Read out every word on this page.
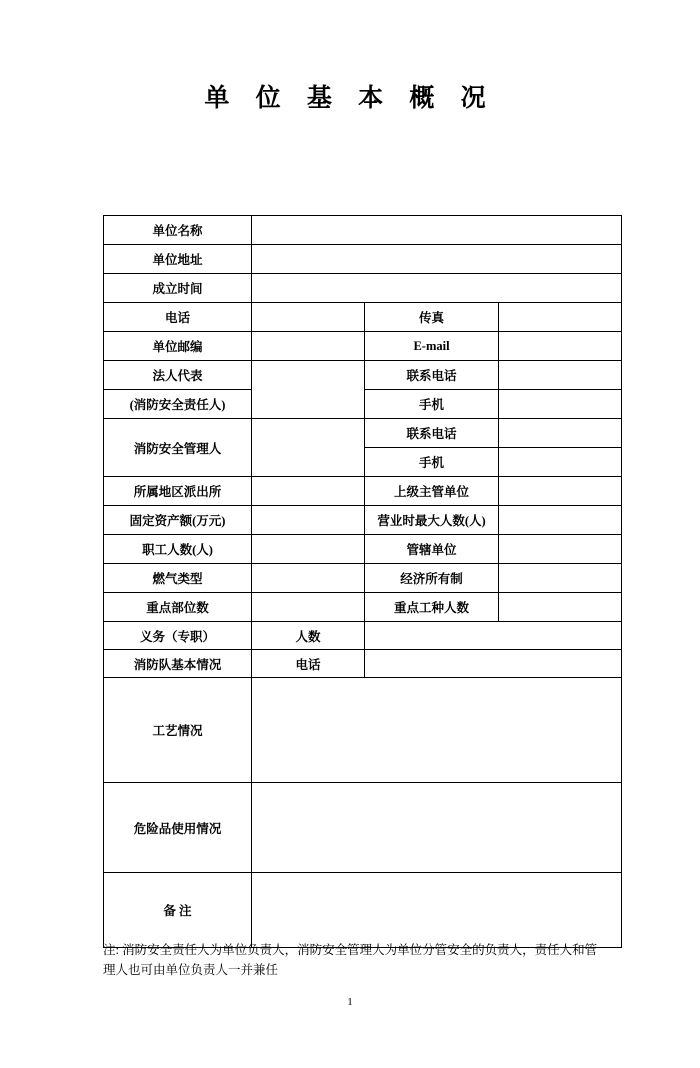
单 位 基 本 概 况
单位名称			
单位地址			
成立时间			
电话		传真	
单位邮编		E-mail	
法人代表		联系电话	
(消防安全责任人)		手机	
消防安全管理人		联系电话	
		手机	
所属地区派出所		上级主管单位	
固定资产额(万元)		营业时最大人数(人)	
职工人数(人)		管辖单位	
燃气类型		经济所有制	
重点部位数		重点工种人数	
义务（专职）	人数		
消防队基本情况	电话		
工艺情况			
危险品使用情况			
备 注			
注: 消防安全责任人为单位负责人，消防安全管理人为单位分管安全的负责人，责任人和管
理人也可由单位负责人一并兼任
1
